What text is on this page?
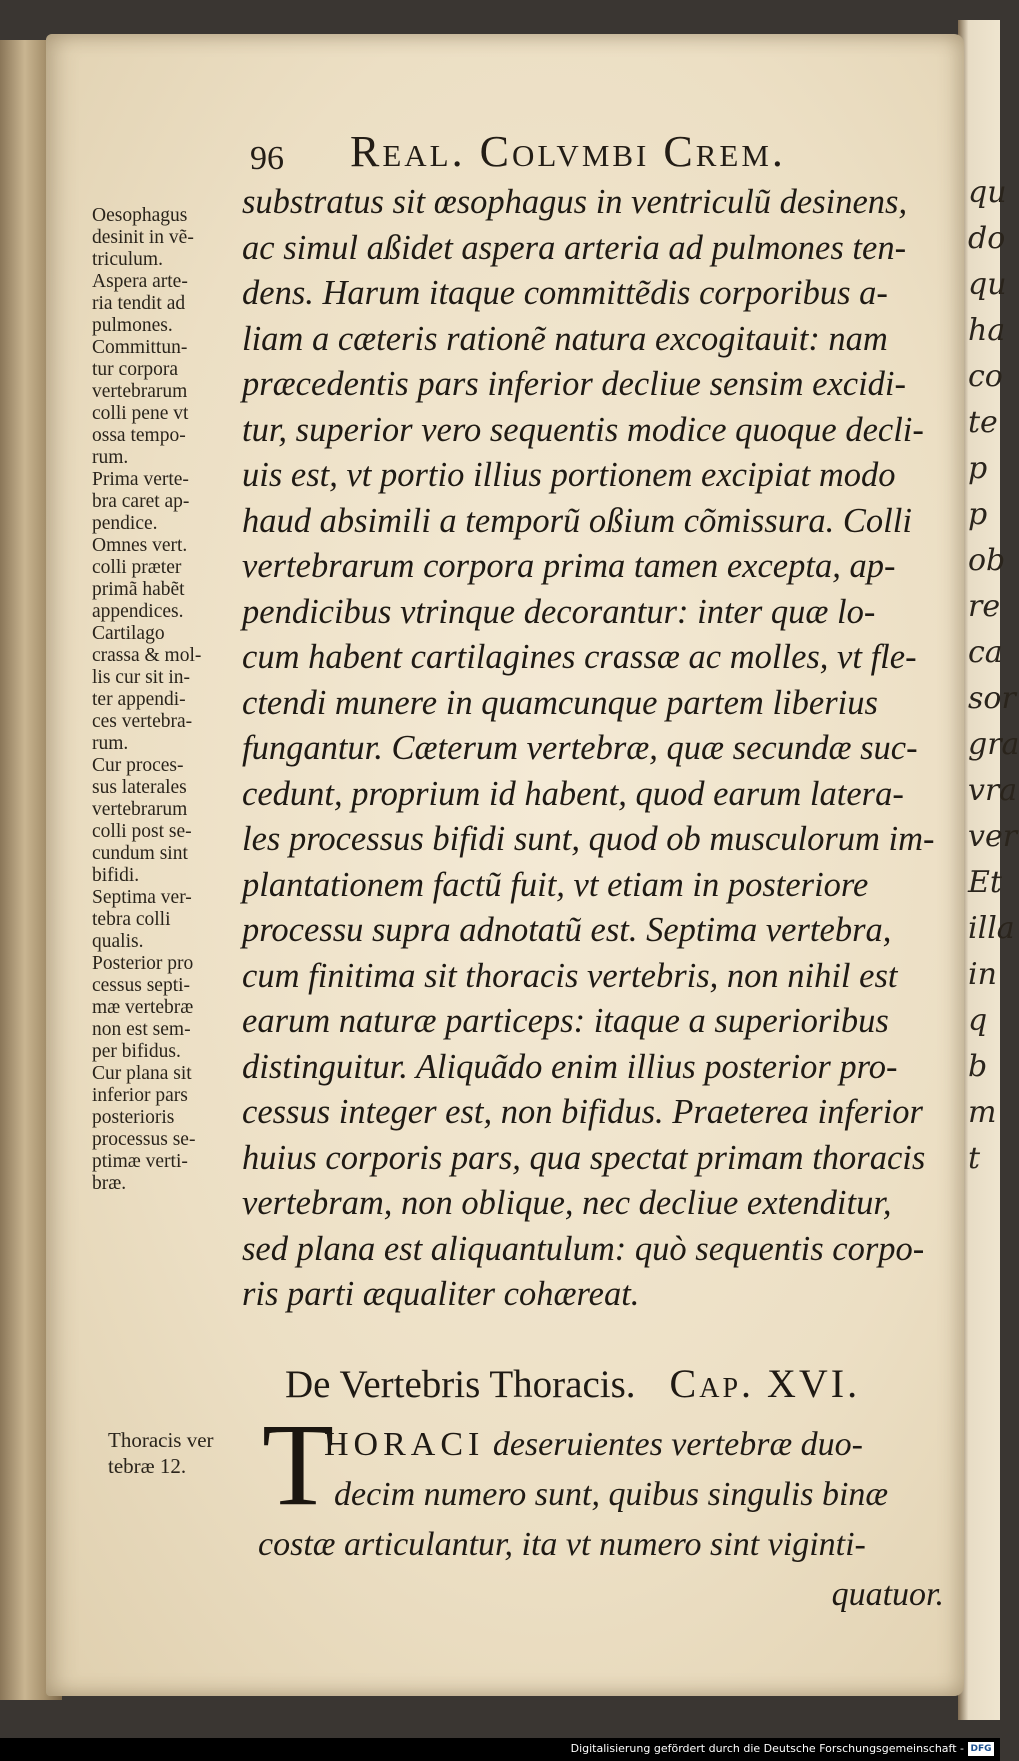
qu
do
qu
ha
co
te
p
p
ob
re
ca
sor
gra
vra
ver
Et
illa
in
q
b
m
t
96 Real. Colvmbi Crem.
Oesophagus
desinit in vẽ-
triculum.
Aspera arte-
ria tendit ad
pulmones.
Committun-
tur corpora
vertebrarum
colli pene vt
ossa tempo-
rum.
Prima verte-
bra caret ap-
pendice.
Omnes vert.
colli præter
primã habẽt
appendices.
Cartilago
crassa & mol-
lis cur sit in-
ter appendi-
ces vertebra-
rum.
Cur proces-
sus laterales
vertebrarum
colli post se-
cundum sint
bifidi.
Septima ver-
tebra colli
qualis.
Posterior pro
cessus septi-
mæ vertebræ
non est sem-
per bifidus.
Cur plana sit
inferior pars
posterioris
processus se-
ptimæ verti-
bræ.
substratus sit œsophagus in ventriculũ desinens,
ac simul aßidet aspera arteria ad pulmones ten-
dens. Harum itaque committẽdis corporibus a-
liam a cæteris rationẽ natura excogitauit: nam
præcedentis pars inferior decliue sensim excidi-
tur, superior vero sequentis modice quoque decli-
uis est, vt portio illius portionem excipiat modo
haud absimili a temporũ oßium cõmissura. Colli
vertebrarum corpora prima tamen excepta, ap-
pendicibus vtrinque decorantur: inter quæ lo-
cum habent cartilagines crassæ ac molles, vt fle-
ctendi munere in quamcunque partem liberius
fungantur. Cæterum vertebræ, quæ secundæ suc-
cedunt, proprium id habent, quod earum latera-
les processus bifidi sunt, quod ob musculorum im-
plantationem factũ fuit, vt etiam in posteriore
processu supra adnotatũ est. Septima vertebra,
cum finitima sit thoracis vertebris, non nihil est
earum naturæ particeps: itaque a superioribus
distinguitur. Aliquãdo enim illius posterior pro-
cessus integer est, non bifidus. Praeterea inferior
huius corporis pars, qua spectat primam thoracis
vertebram, non oblique, nec decliue extenditur,
sed plana est aliquantulum: quò sequentis corpo-
ris parti æqualiter cohæreat.
De Vertebris Thoracis. Cap. XVI.
Thoracis ver
tebræ 12. T
HORACI deseruientes vertebræ duo-
decim numero sunt, quibus singulis binæ
costæ articulantur, ita vt numero sint viginti-
quatuor.
Digitalisierung gefördert durch die Deutsche Forschungsgemeinschaft - DFG
